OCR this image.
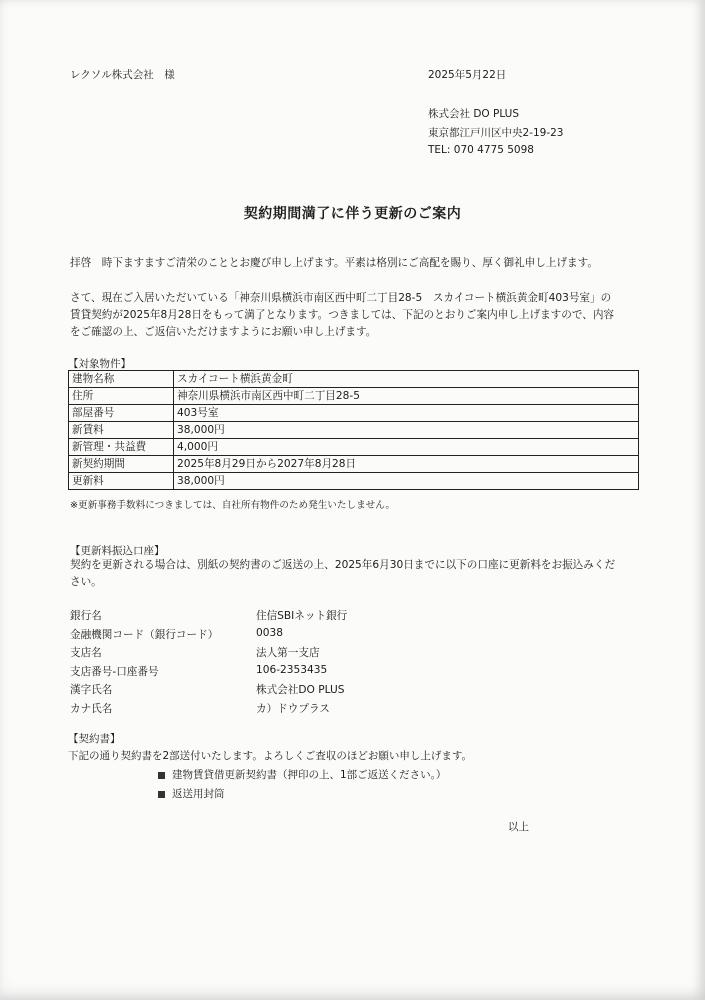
レクソル株式会社　様	2025年5月22日
株式会社 DO PLUS
東京都江戸川区中央2-19-23
TEL: 070 4775 5098
契約期間満了に伴う更新のご案内
拝啓　時下ますますご清栄のこととお慶び申し上げます。平素は格別にご高配を賜り、厚く御礼申し上げます。
さて、現在ご入居いただいている「神奈川県横浜市南区西中町二丁目28-5　スカイコート横浜黄金町403号室」の
賃貸契約が2025年8月28日をもって満了となります。つきましては、下記のとおりご案内申し上げますので、内容
をご確認の上、ご返信いただけますようにお願い申し上げます。
【対象物件】
建物名称	スカイコート横浜黄金町
住所	神奈川県横浜市南区西中町二丁目28-5
部屋番号	403号室
新賃料	38,000円
新管理・共益費	4,000円
新契約期間	2025年8月29日から2027年8月28日
更新料	38,000円
※更新事務手数料につきましては、自社所有物件のため発生いたしません。
【更新料振込口座】
契約を更新される場合は、別紙の契約書のご返送の上、2025年6月30日までに以下の口座に更新料をお振込みくだ
さい。
銀行名	住信SBIネット銀行
金融機関コード（銀行コード）	0038
支店名	法人第一支店
支店番号-口座番号	106-2353435
漢字氏名	株式会社DO PLUS
カナ氏名	カ）ドウプラス
【契約書】
下記の通り契約書を2部送付いたします。よろしくご査収のほどお願い申し上げます。
建物賃貸借更新契約書（押印の上、1部ご返送ください。）
返送用封筒
以上
